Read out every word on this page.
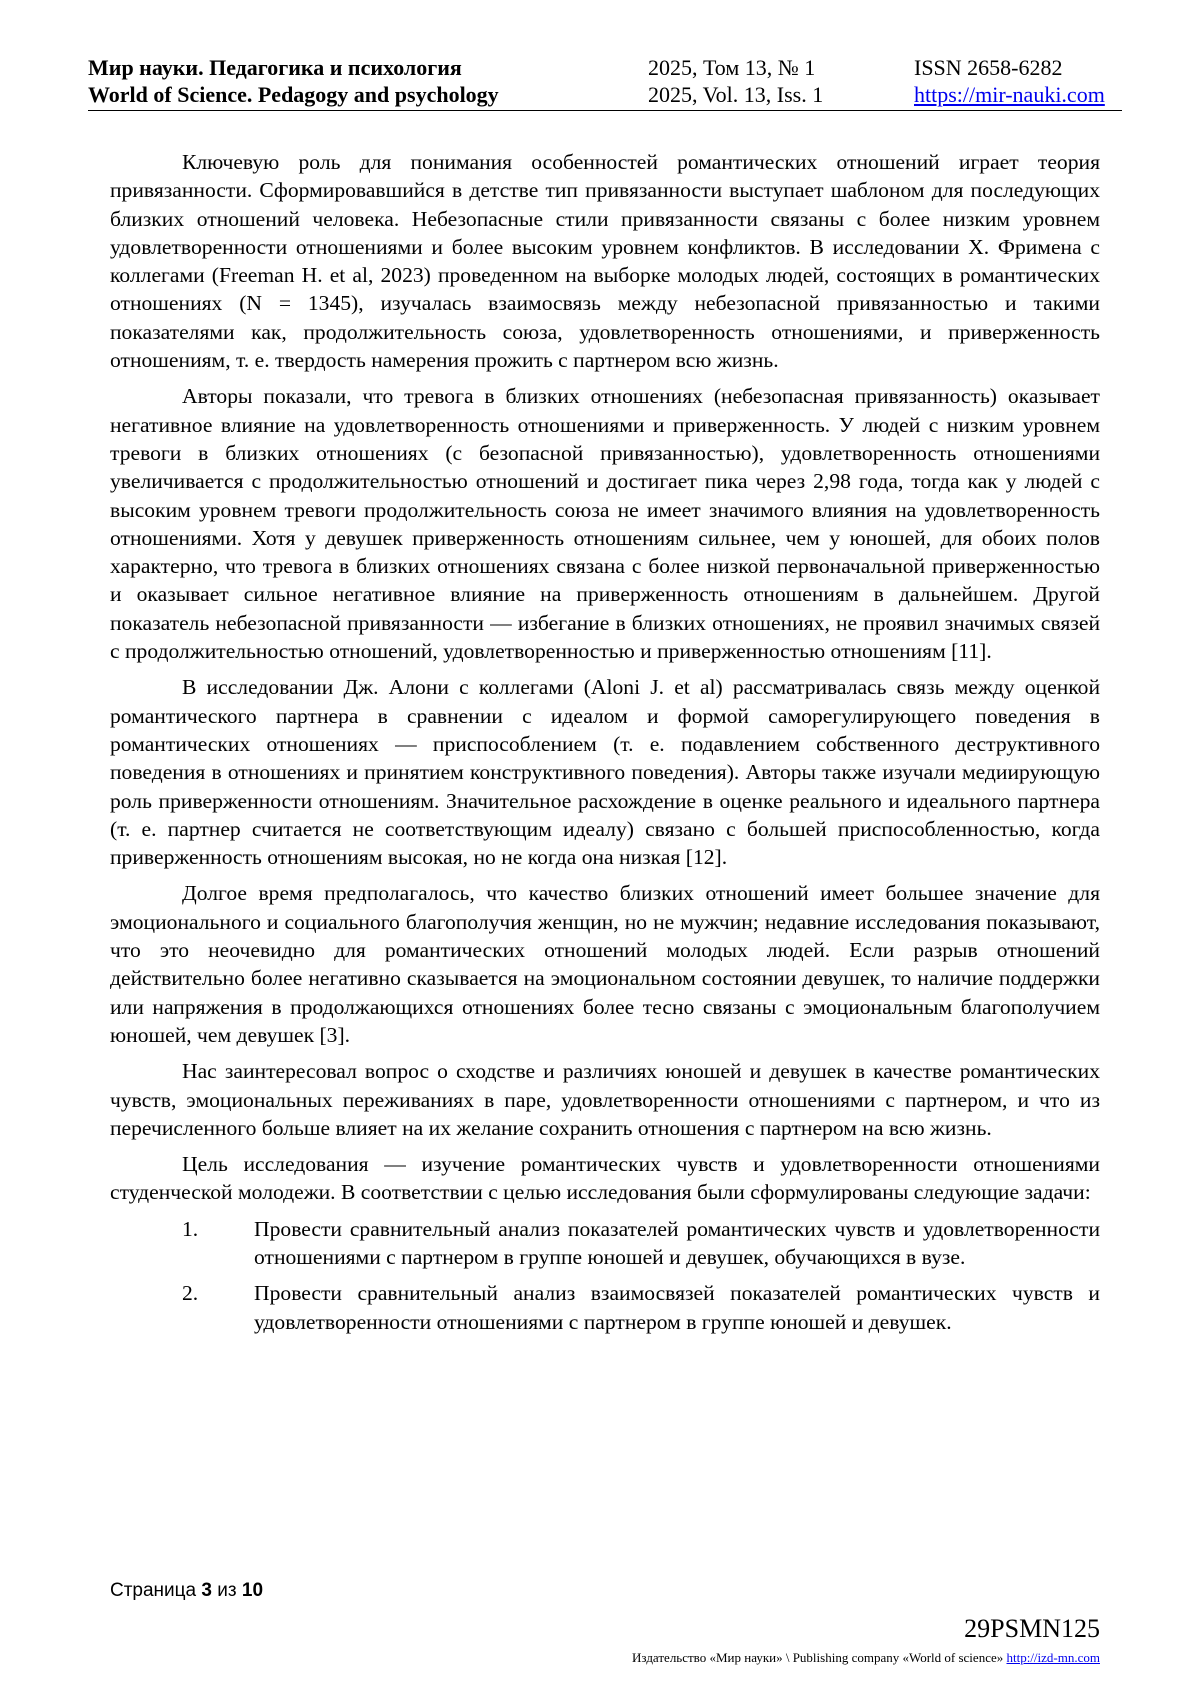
Мир науки. Педагогика и психология
World of Science. Pedagogy and psychology
2025, Том 13, № 1
2025, Vol. 13, Iss. 1
ISSN 2658-6282
https://mir-nauki.com

Ключевую роль для понимания особенностей романтических отношений играет теория привязанности. Сформировавшийся в детстве тип привязанности выступает шаблоном для последующих близких отношений человека. Небезопасные стили привязанности связаны с более низким уровнем удовлетворенности отношениями и более высоким уровнем конфликтов. В исследовании Х. Фримена с коллегами (Freeman H. et al, 2023) проведенном на выборке молодых людей, состоящих в романтических отношениях (N = 1345), изучалась взаимосвязь между небезопасной привязанностью и такими показателями как, продолжительность союза, удовлетворенность отношениями, и приверженность отношениям, т. е. твердость намерения прожить с партнером всю жизнь.

Авторы показали, что тревога в близких отношениях (небезопасная привязанность) оказывает негативное влияние на удовлетворенность отношениями и приверженность. У людей с низким уровнем тревоги в близких отношениях (с безопасной привязанностью), удовлетворенность отношениями увеличивается с продолжительностью отношений и достигает пика через 2,98 года, тогда как у людей с высоким уровнем тревоги продолжительность союза не имеет значимого влияния на удовлетворенность отношениями. Хотя у девушек приверженность отношениям сильнее, чем у юношей, для обоих полов характерно, что тревога в близких отношениях связана с более низкой первоначальной приверженностью и оказывает сильное негативное влияние на приверженность отношениям в дальнейшем. Другой показатель небезопасной привязанности — избегание в близких отношениях, не проявил значимых связей с продолжительностью отношений, удовлетворенностью и приверженностью отношениям [11].

В исследовании Дж. Алони с коллегами (Aloni J. et al) рассматривалась связь между оценкой романтического партнера в сравнении с идеалом и формой саморегулирующего поведения в романтических отношениях — приспособлением (т. е. подавлением собственного деструктивного поведения в отношениях и принятием конструктивного поведения). Авторы также изучали медиирующую роль приверженности отношениям. Значительное расхождение в оценке реального и идеального партнера (т. е. партнер считается не соответствующим идеалу) связано с большей приспособленностью, когда приверженность отношениям высокая, но не когда она низкая [12].

Долгое время предполагалось, что качество близких отношений имеет большее значение для эмоционального и социального благополучия женщин, но не мужчин; недавние исследования показывают, что это неочевидно для романтических отношений молодых людей. Если разрыв отношений действительно более негативно сказывается на эмоциональном состоянии девушек, то наличие поддержки или напряжения в продолжающихся отношениях более тесно связаны с эмоциональным благополучием юношей, чем девушек [3].

Нас заинтересовал вопрос о сходстве и различиях юношей и девушек в качестве романтических чувств, эмоциональных переживаниях в паре, удовлетворенности отношениями с партнером, и что из перечисленного больше влияет на их желание сохранить отношения с партнером на всю жизнь.

Цель исследования — изучение романтических чувств и удовлетворенности отношениями студенческой молодежи. В соответствии с целью исследования были сформулированы следующие задачи:

1.	Провести сравнительный анализ показателей романтических чувств и удовлетворенности отношениями с партнером в группе юношей и девушек, обучающихся в вузе.
2.	Провести сравнительный анализ взаимосвязей показателей романтических чувств и удовлетворенности отношениями с партнером в группе юношей и девушек.
Страница 3 из 10
29PSMN125
Издательство «Мир науки» \ Publishing company «World of science» http://izd-mn.com
